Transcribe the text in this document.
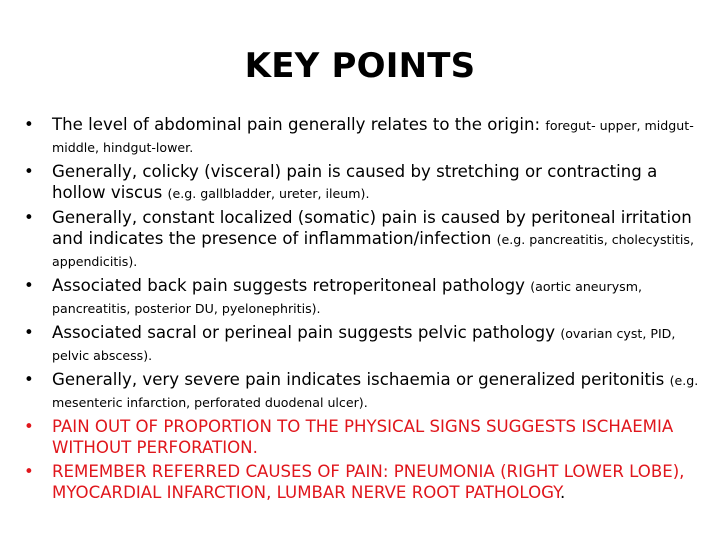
KEY POINTS
• The level of abdominal pain generally relates to the origin: foregut- upper, midgut-middle, hindgut-lower.
• Generally, colicky (visceral) pain is caused by stretching or contracting a hollow viscus (e.g. gallbladder, ureter, ileum).
• Generally, constant localized (somatic) pain is caused by peritoneal irritation and indicates the presence of inflammation/infection (e.g. pancreatitis, cholecystitis, appendicitis).
• Associated back pain suggests retroperitoneal pathology (aortic aneurysm, pancreatitis, posterior DU, pyelonephritis).
• Associated sacral or perineal pain suggests pelvic pathology (ovarian cyst, PID, pelvic abscess).
• Generally, very severe pain indicates ischaemia or generalized peritonitis (e.g. mesenteric infarction, perforated duodenal ulcer).
• PAIN OUT OF PROPORTION TO THE PHYSICAL SIGNS SUGGESTS ISCHAEMIA WITHOUT PERFORATION.
• REMEMBER REFERRED CAUSES OF PAIN: PNEUMONIA (RIGHT LOWER LOBE), MYOCARDIAL INFARCTION, LUMBAR NERVE ROOT PATHOLOGY.
